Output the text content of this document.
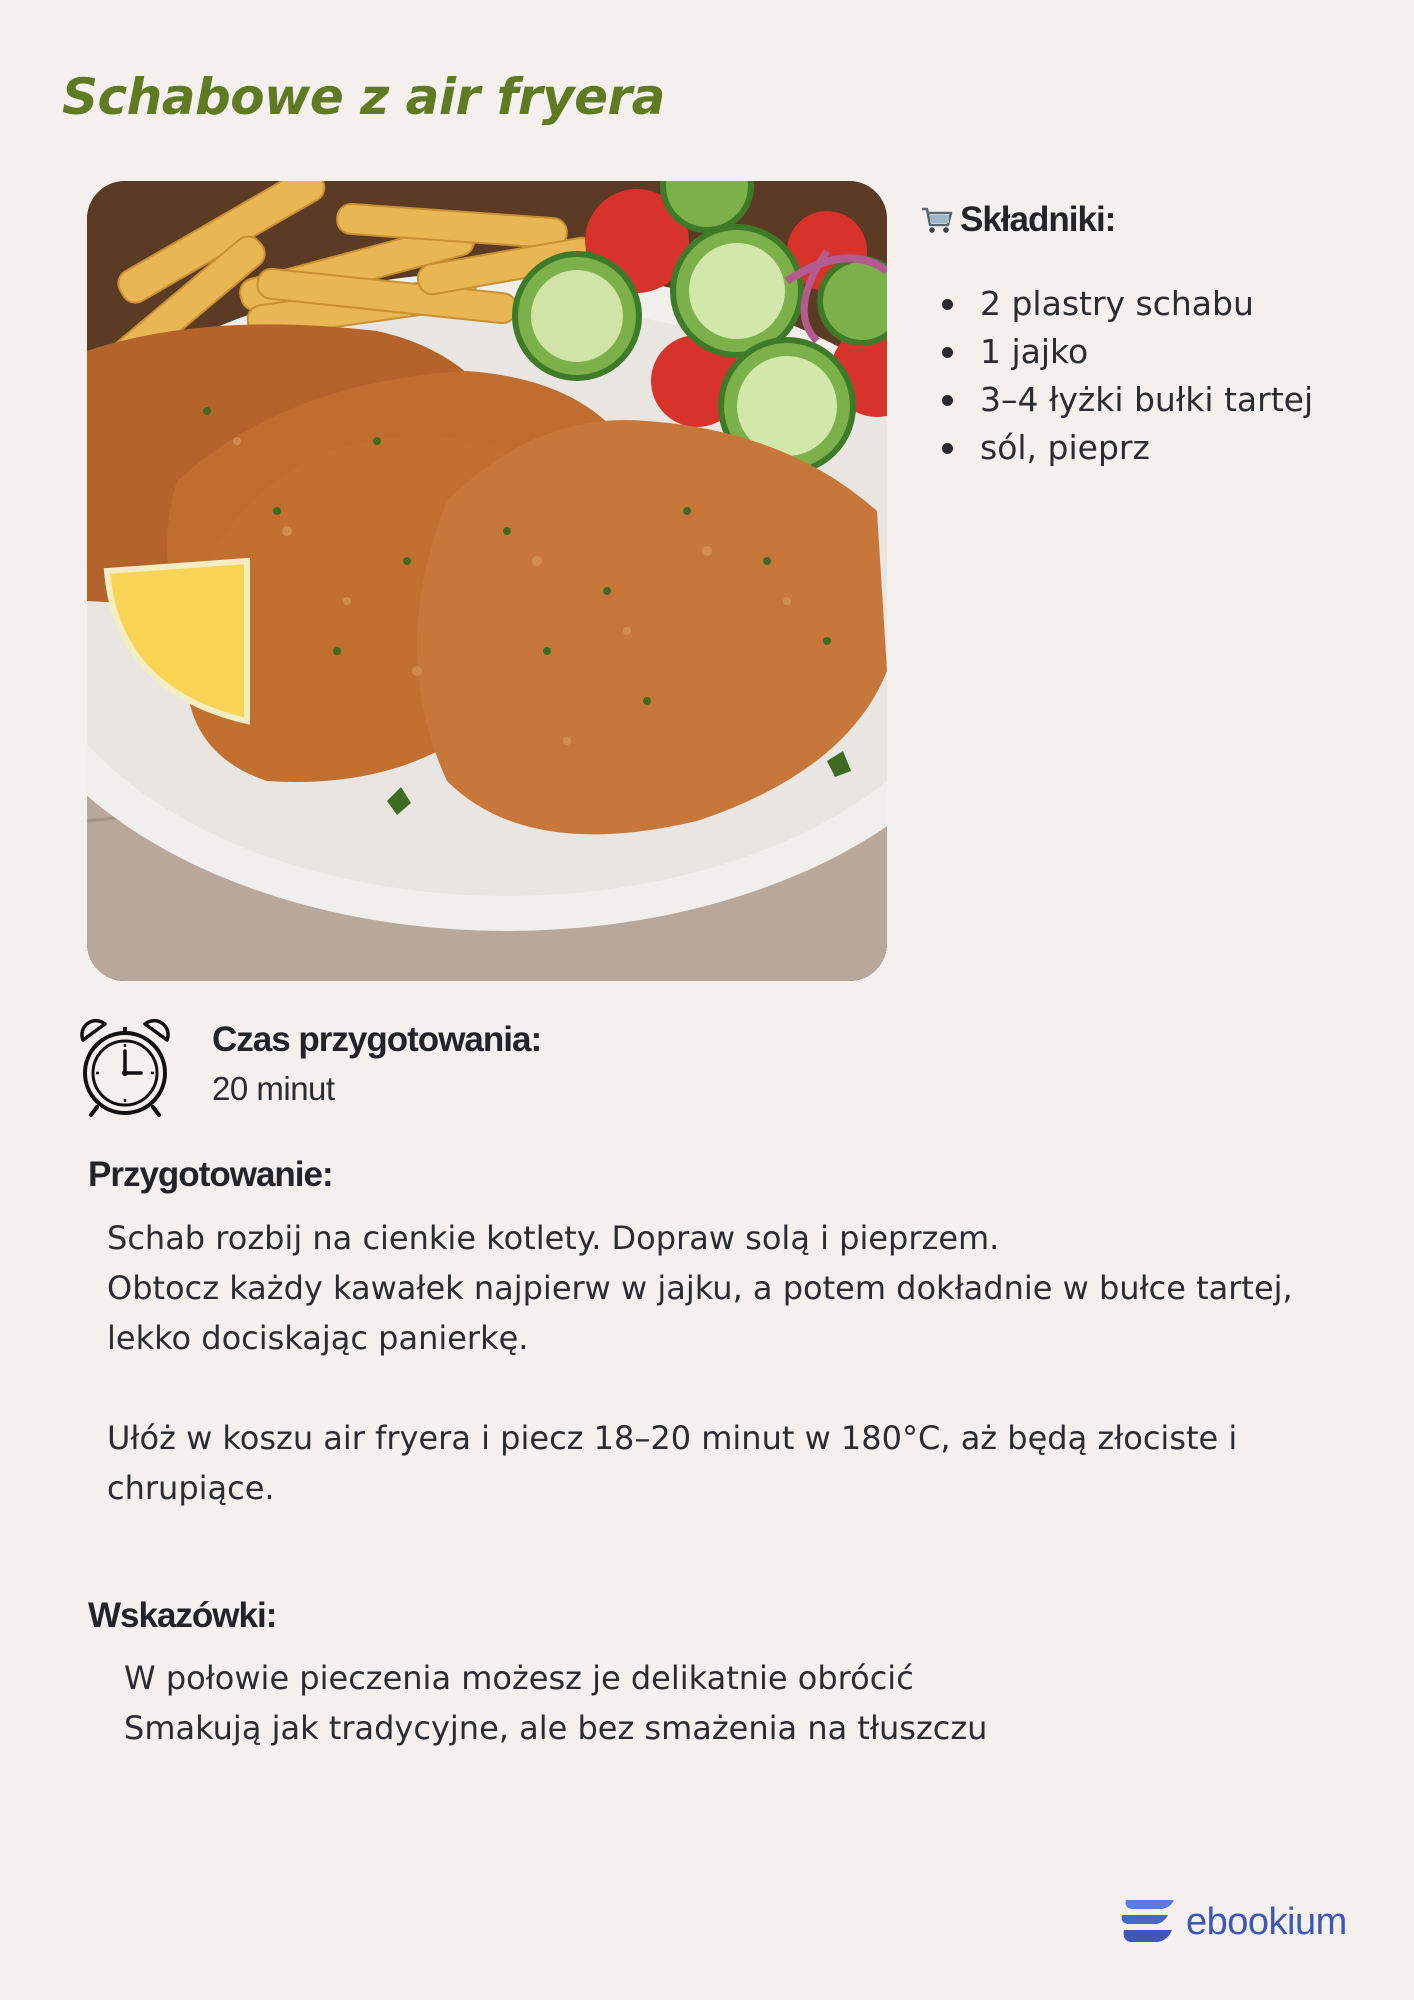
Schabowe z air fryera
Składniki:
2 plastry schabu
1 jajko
3–4 łyżki bułki tartej
sól, pieprz

Czas przygotowania:

20 minut

Przygotowanie:

Schab rozbij na cienkie kotlety. Dopraw solą i pieprzem.

Obtocz każdy kawałek najpierw w jajku, a potem dokładnie w bułce tartej, lekko dociskając panierkę.

Ułóż w koszu air fryera i piecz 18–20 minut w 180°C, aż będą złociste i chrupiące.

Wskazówki:
W połowie pieczenia możesz je delikatnie obrócić
Smakują jak tradycyjne, ale bez smażenia na tłuszczu
ebookium
